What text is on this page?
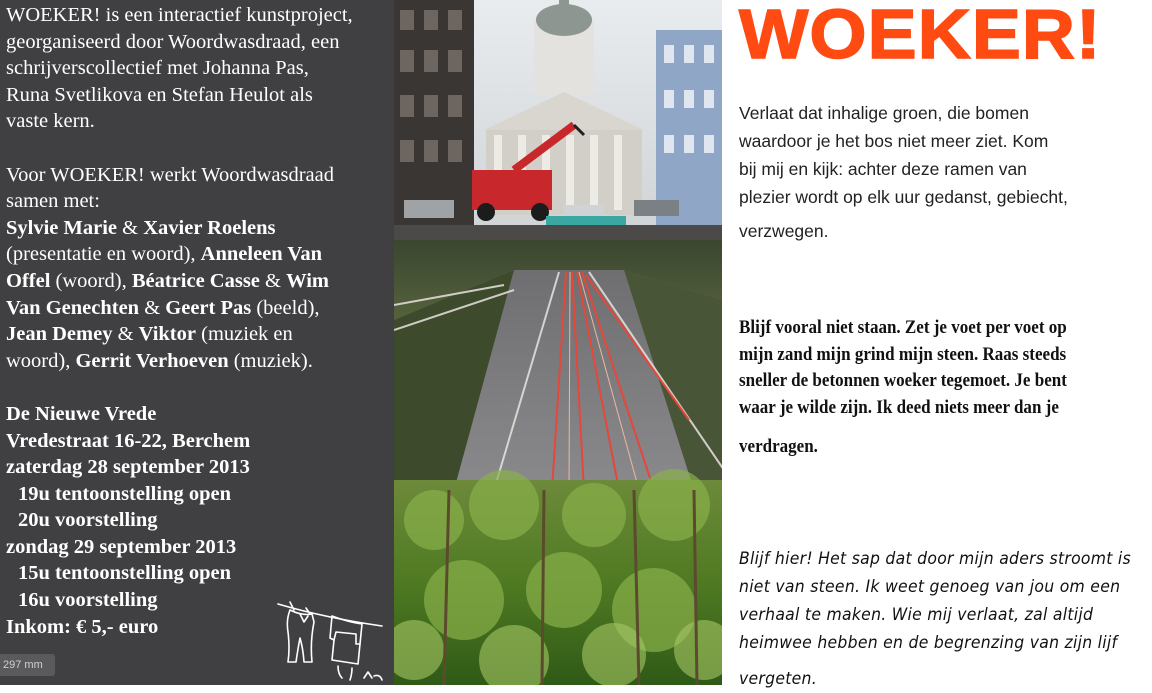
WOEKER! is een interactief kunstproject,
georganiseerd door Woordwasdraad, een
schrijverscollectief met Johanna Pas,
Runa Svetlikova en Stefan Heulot als
vaste kern.

Voor WOEKER! werkt Woordwasdraad
samen met:
Sylvie Marie & Xavier Roelens
(presentatie en woord), Anneleen Van
Offel (woord), Béatrice Casse & Wim
Van Genechten & Geert Pas (beeld),
Jean Demey & Viktor (muziek en
woord), Gerrit Verhoeven (muziek).

De Nieuwe Vrede
Vredestraat 16-22, Berchem
zaterdag 28 september 2013
19u tentoonstelling open
20u voorstelling
zondag 29 september 2013
15u tentoonstelling open
16u voorstelling
Inkom: € 5,- euro

297 mm
WOEKER!

Verlaat dat inhalige groen, die bomen
waardoor je het bos niet meer ziet. Kom
bij mij en kijk: achter deze ramen van
plezier wordt op elk uur gedanst, gebiecht,
verzwegen.

Blijf vooral niet staan. Zet je voet per voet op
mijn zand mijn grind mijn steen. Raas steeds
sneller de betonnen woeker tegemoet. Je bent
waar je wilde zijn. Ik deed niets meer dan je
verdragen.

Blijf hier! Het sap dat door mijn aders stroomt is
niet van steen. Ik weet genoeg van jou om een
verhaal te maken. Wie mij verlaat, zal altijd
heimwee hebben en de begrenzing van zijn lijf
vergeten.
